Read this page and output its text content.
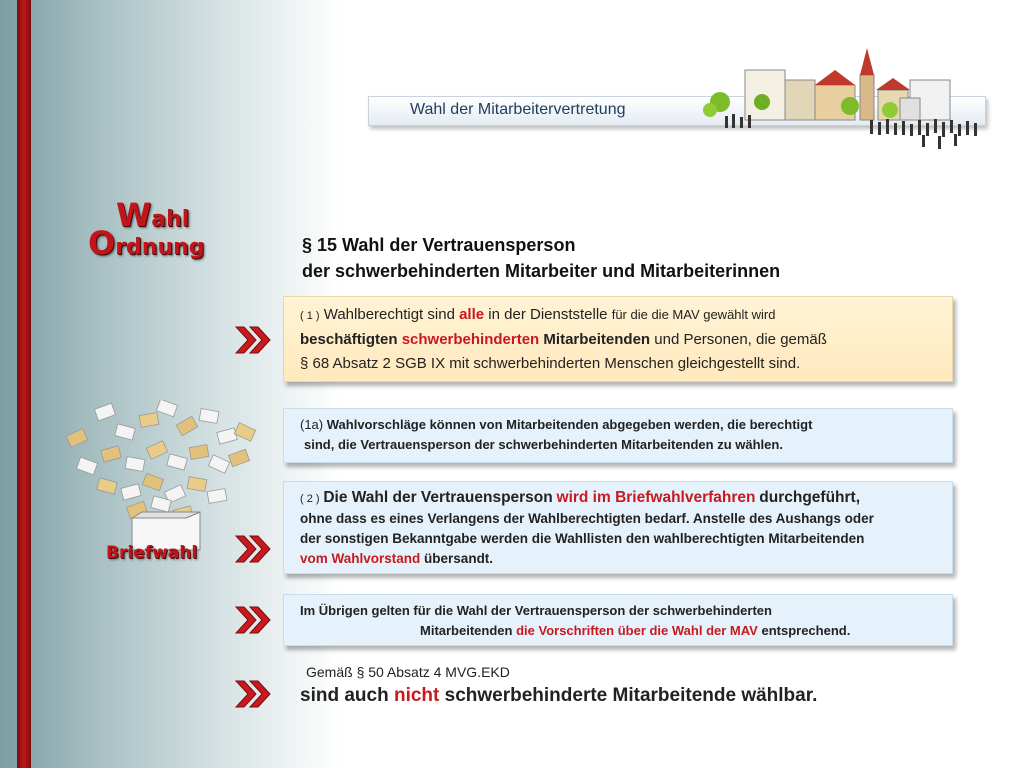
Wahl der Mitarbeitervertretung
Wahl
Ordnung	§ 15 Wahl der Vertrauensperson
der schwerbehinderten Mitarbeiter und Mitarbeiterinnen
( 1 ) Wahlberechtigt sind alle in der Dienststelle für die die MAV gewählt wird
beschäftigten schwerbehinderten Mitarbeitenden und Personen, die gemäß
§ 68 Absatz 2 SGB IX mit schwerbehinderten Menschen gleichgestellt sind.
(1a) Wahlvorschläge können von Mitarbeitenden abgegeben werden, die berechtigt
sind, die Vertrauensperson der schwerbehinderten Mitarbeitenden zu wählen.
Briefwahl
( 2 ) Die Wahl der Vertrauensperson wird im Briefwahlverfahren durchgeführt,
ohne dass es eines Verlangens der Wahlberechtigten bedarf. Anstelle des Aushangs oder
der sonstigen Bekanntgabe werden die Wahllisten den wahlberechtigten Mitarbeitenden
vom Wahlvorstand übersandt.
Im Übrigen gelten für die Wahl der Vertrauensperson der schwerbehinderten
Mitarbeitenden die Vorschriften über die Wahl der MAV entsprechend.
Gemäß § 50 Absatz 4 MVG.EKD
sind auch nicht schwerbehinderte Mitarbeitende wählbar.
